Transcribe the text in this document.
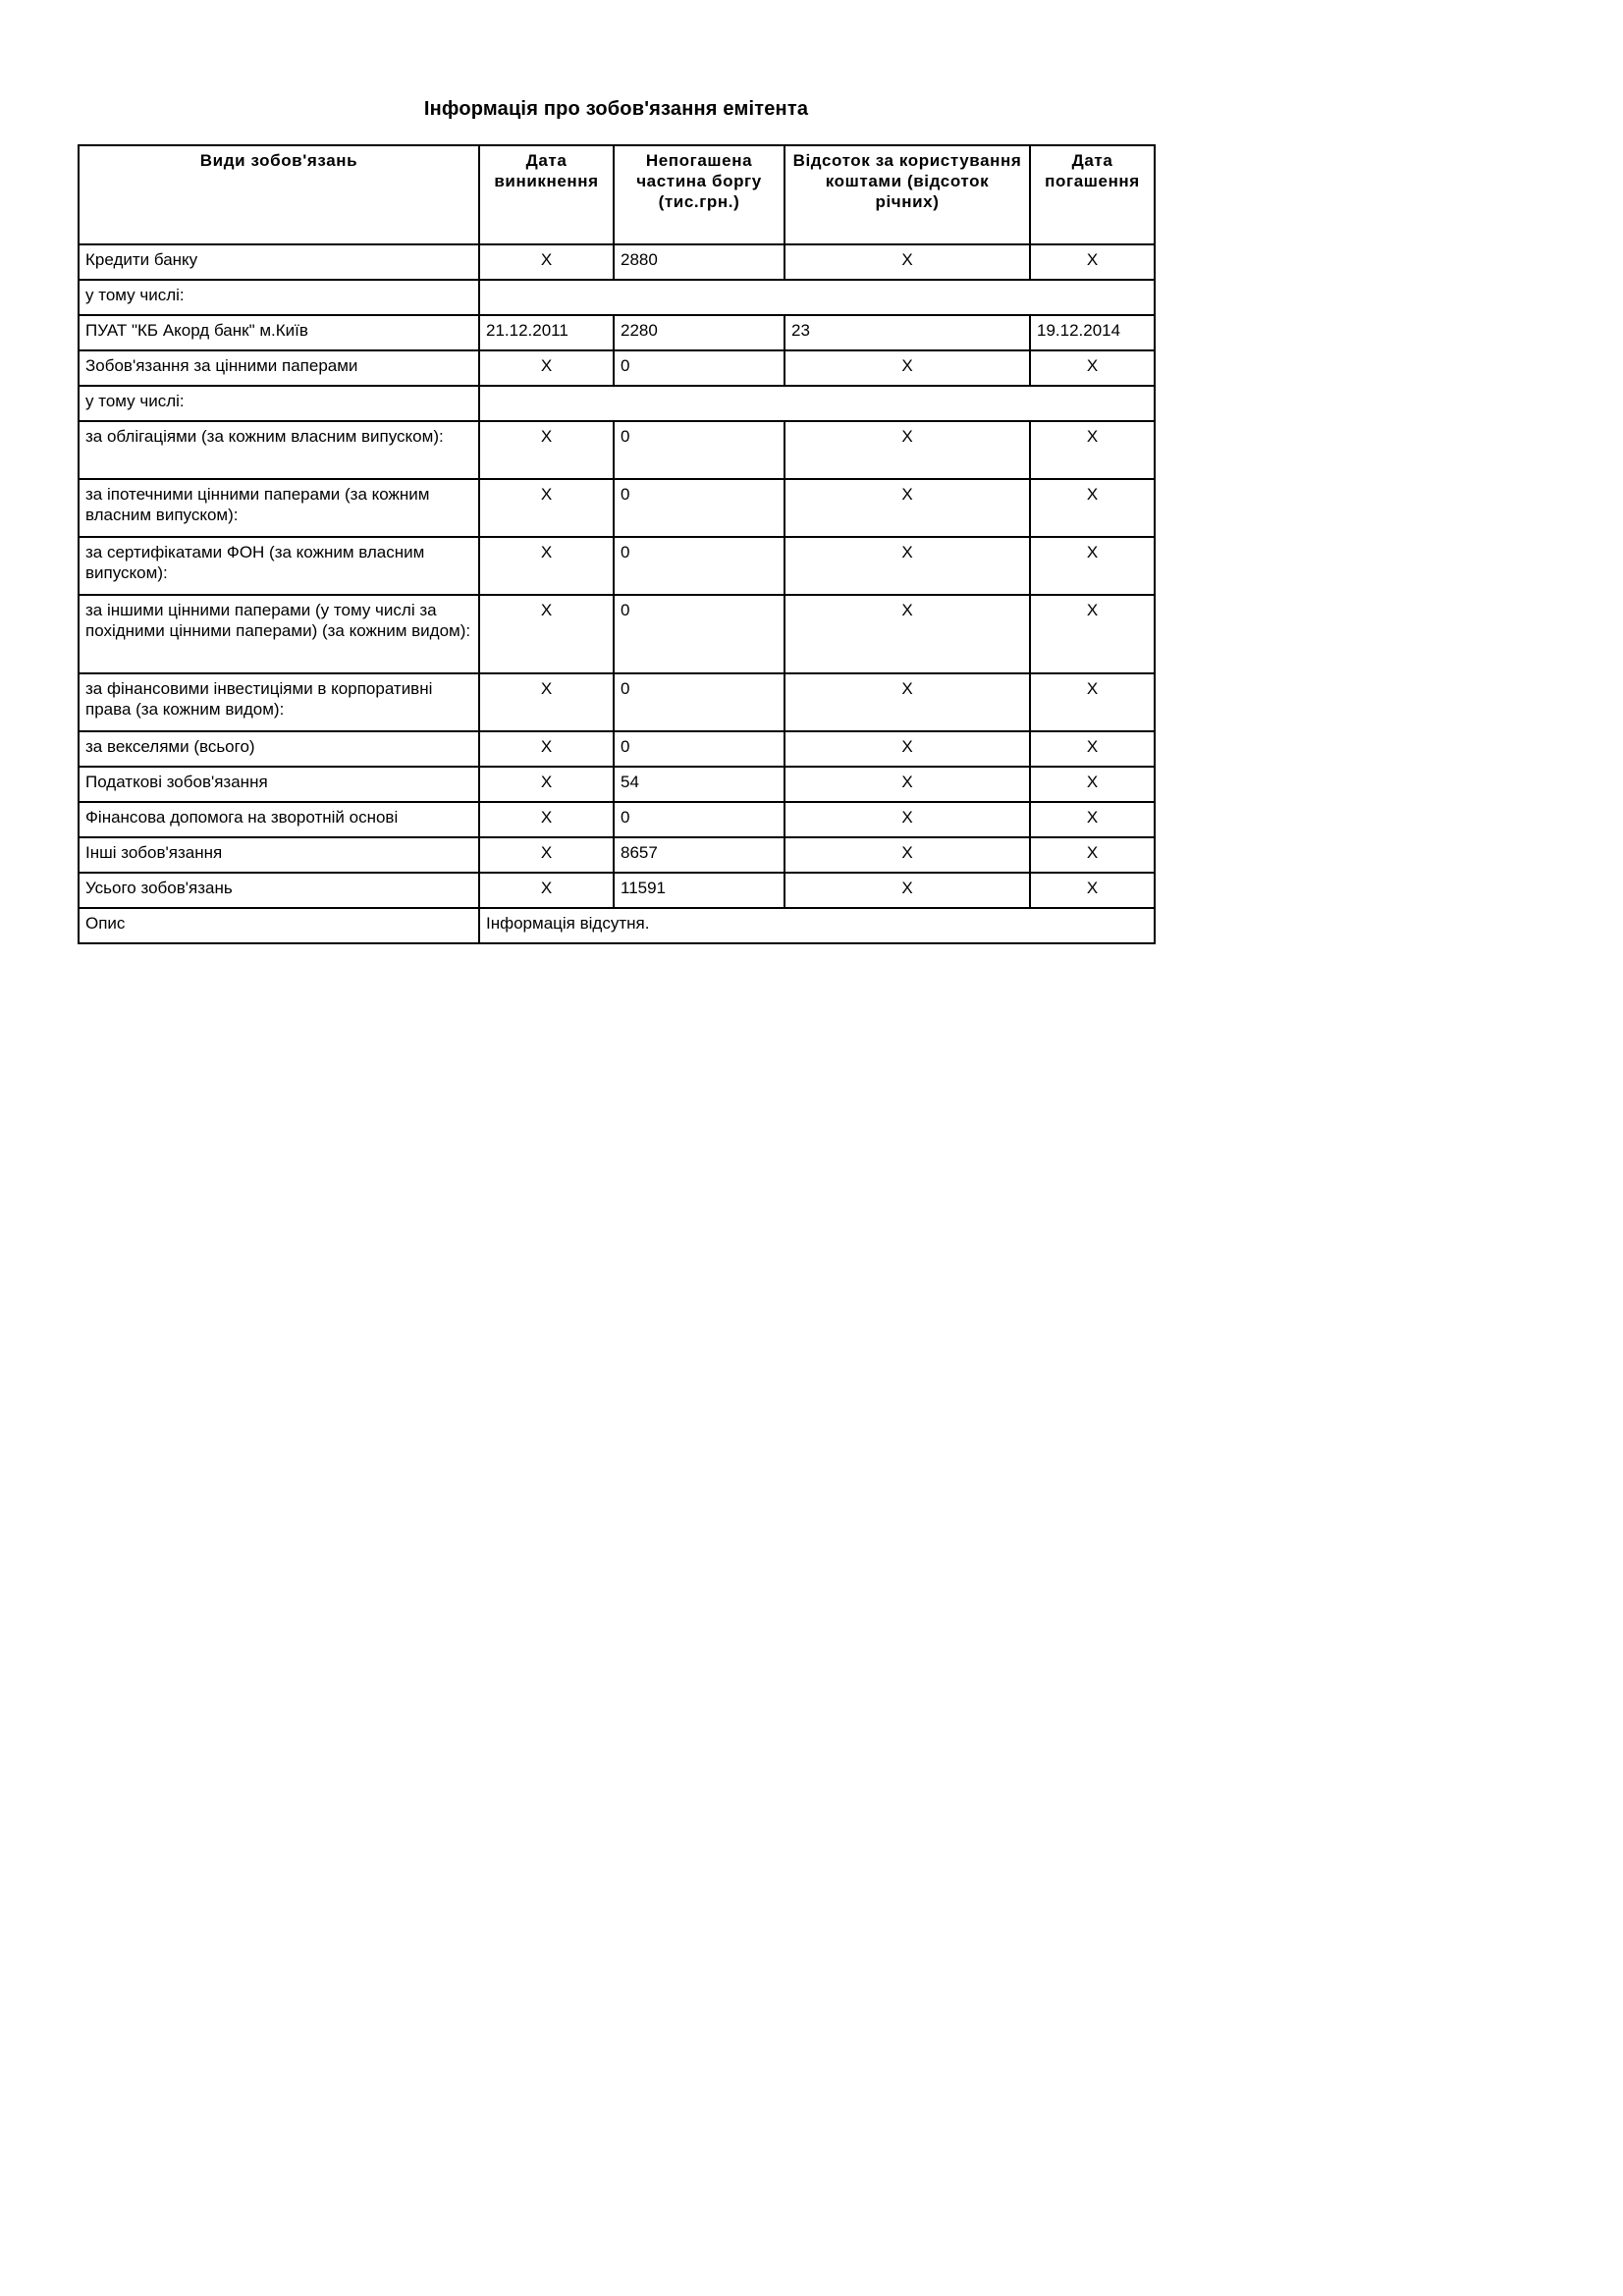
Інформація про зобов'язання емітента
Види зобов'язань	Дата виникнення	Непогашена частина боргу (тис.грн.)	Відсоток за користування коштами (відсоток річних)	Дата погашення
Кредити банку	X	2880	X	X
у тому числі:				
ПУАТ "КБ Акорд банк" м.Київ	21.12.2011	2280	23	19.12.2014
Зобов'язання за цінними паперами	X	0	X	X
у тому числі:				
за облігаціями (за кожним власним випуском):	X	0	X	X
за іпотечними цінними паперами (за кожним власним випуском):	X	0	X	X
за сертифікатами ФОН (за кожним власним випуском):	X	0	X	X
за іншими цінними паперами (у тому числі за похідними цінними паперами) (за кожним видом):	X	0	X	X
за фінансовими інвестиціями в корпоративні права (за кожним видом):	X	0	X	X
за векселями (всього)	X	0	X	X
Податкові зобов'язання	X	54	X	X
Фінансова допомога на зворотній основі	X	0	X	X
Інші зобов'язання	X	8657	X	X
Усього зобов'язань	X	11591	X	X
Опис	Інформація відсутня.			
